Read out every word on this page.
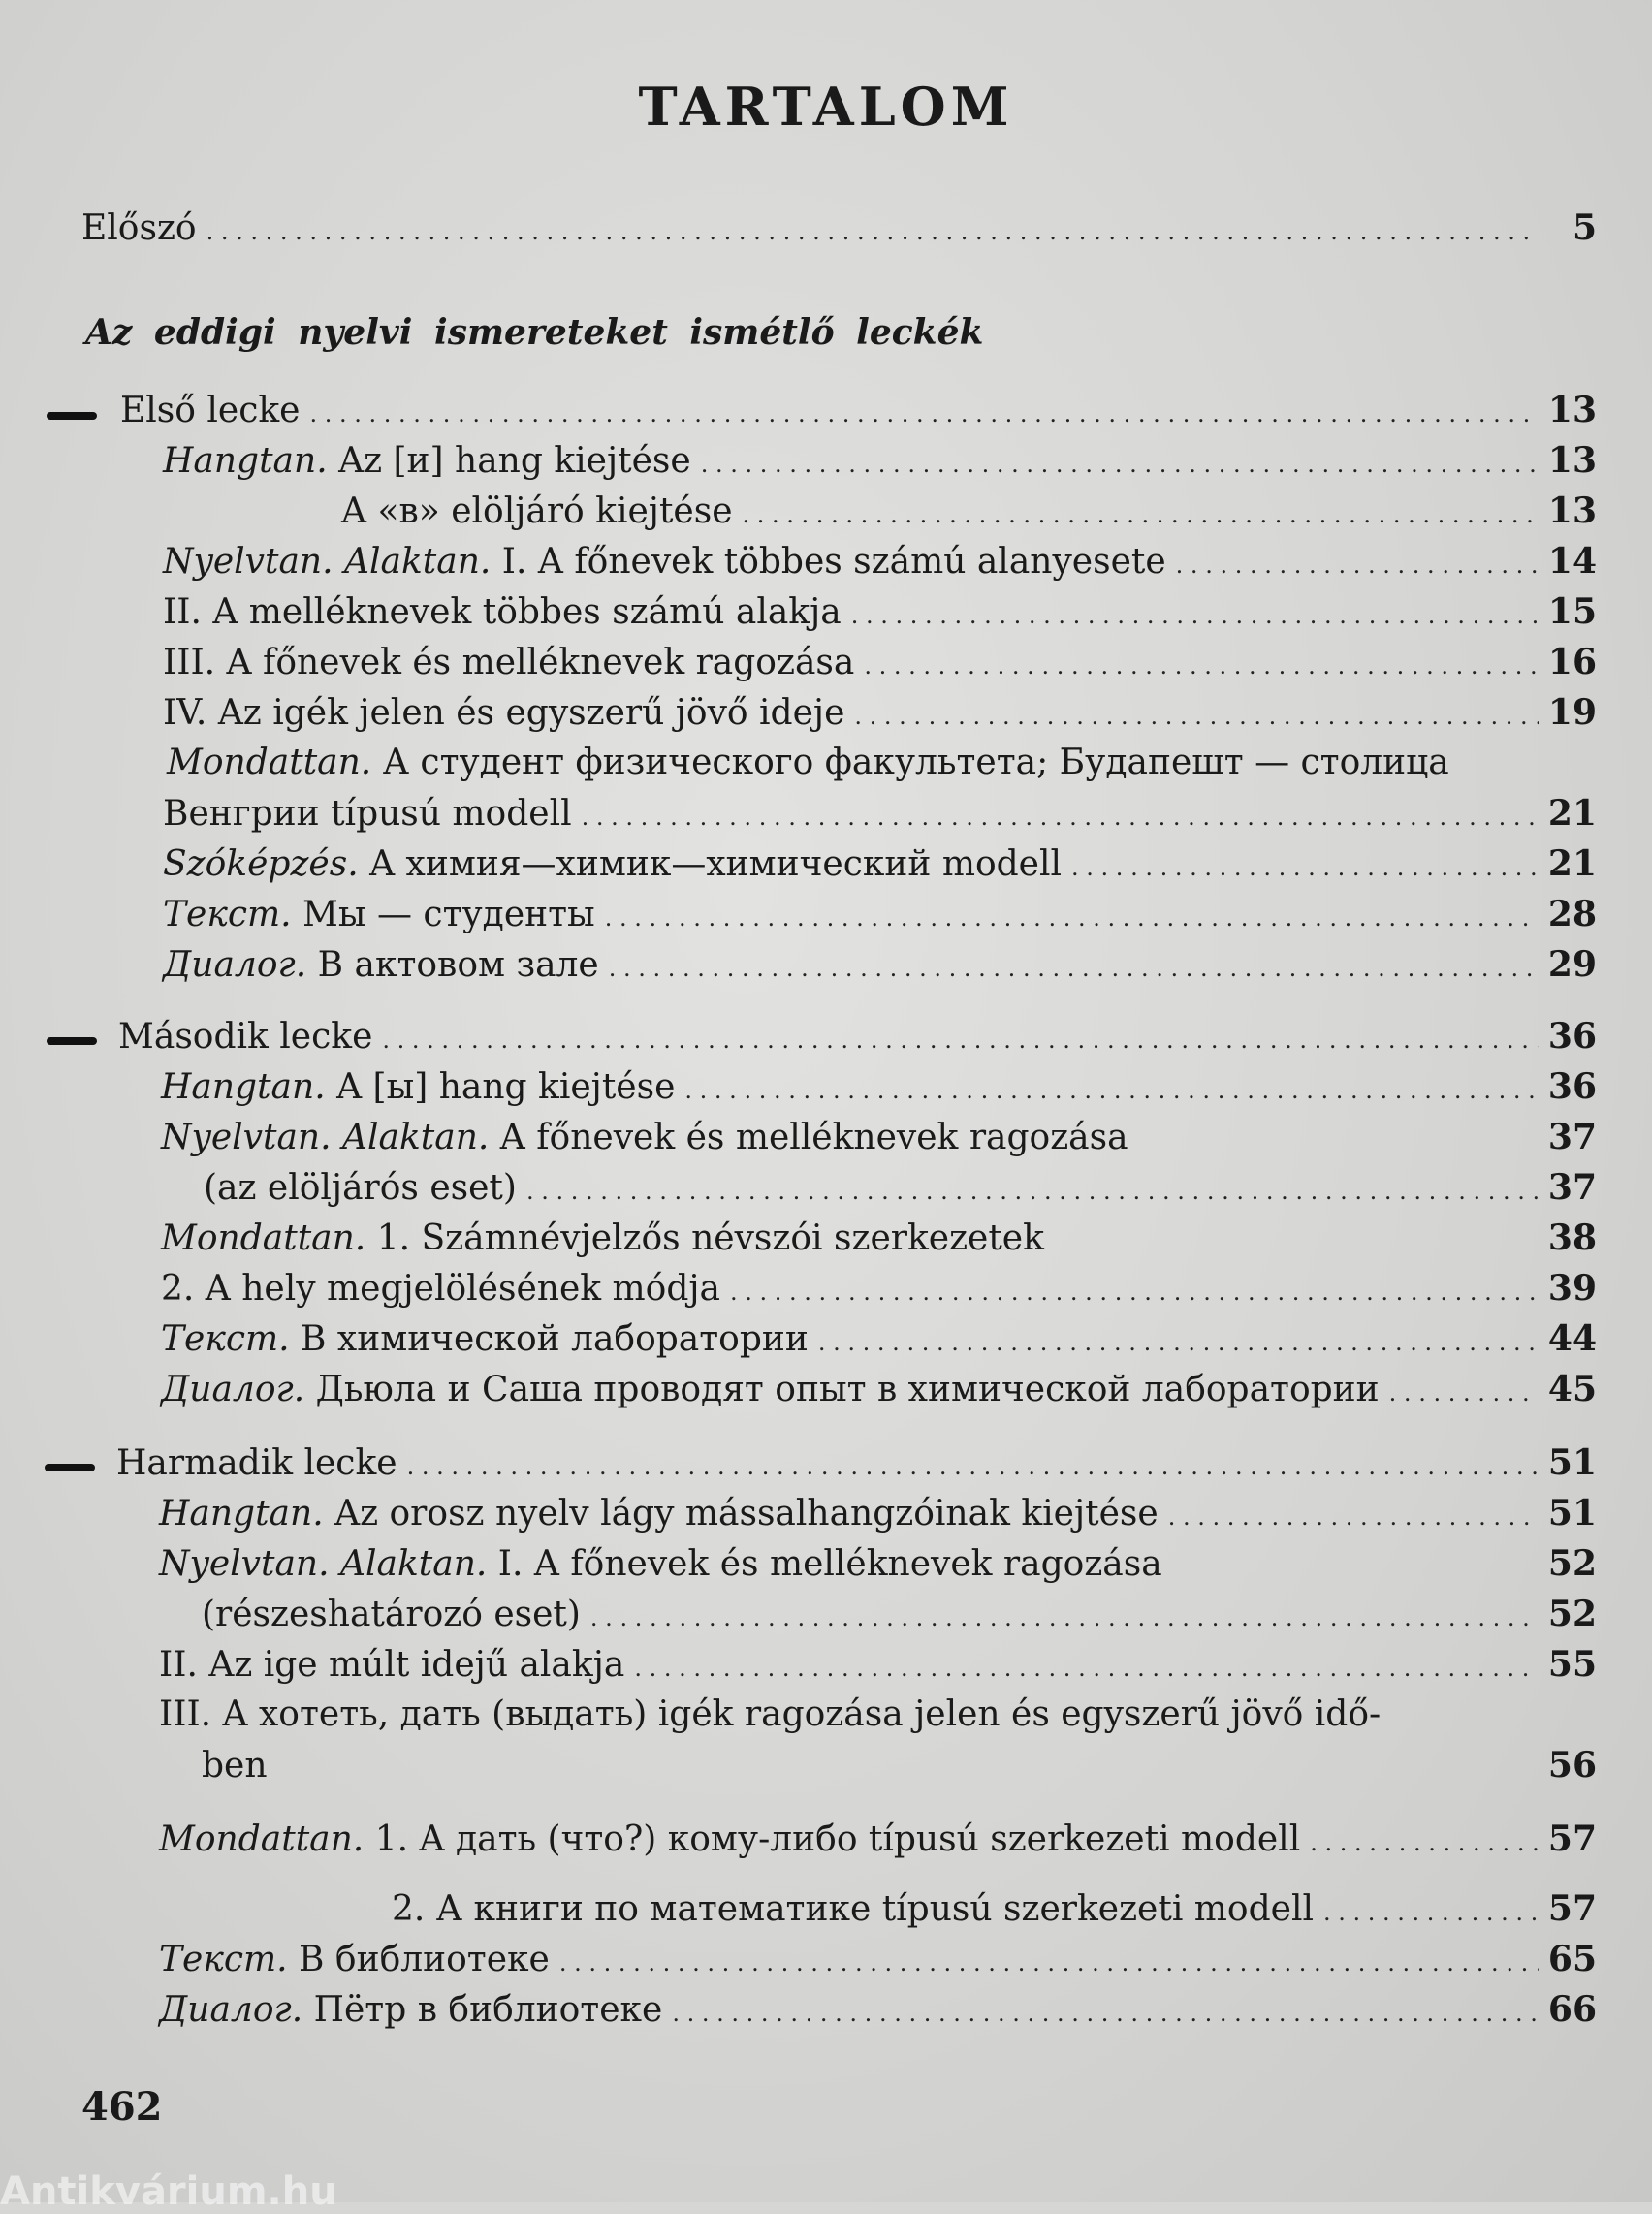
TARTALOM
Előszó . . .	5
Az eddigi nyelvi ismereteket ismétlő leckék
Első lecke . . .	13
Hangtan. Az [и] hang kiejtése . . .	13
A «в» elöljáró kiejtése . . .	13
Nyelvtan. Alaktan. I. A főnevek többes számú alanyesete . . .	14
II. A melléknevek többes számú alakja . . .	15
III. A főnevek és melléknevek ragozása . . .	16
IV. Az igék jelen és egyszerű jövő ideje . . .	19
Mondattan. А студент физического факультета; Будапешт — столица
Венгрии típusú modell . . .	21
Szóképzés. A химия—химик—химический modell . . .	21
Текст. Мы — студенты . . .	28
Диалог. В актовом зале . . .	29
Második lecke . . .	36
Hangtan. A [ы] hang kiejtése . . .	36
Nyelvtan. Alaktan. A főnevek és melléknevek ragozása	37
(az elöljárós eset) . . .	37
Mondattan. 1. Számnévjelzős névszói szerkezetek	38
2. A hely megjelölésének módja . . .	39
Текст. В химической лаборатории . . .	44
Диалог. Дьюла и Саша проводят опыт в химической лаборатории . . .	45
Harmadik lecke . . .	51
Hangtan. Az orosz nyelv lágy mássalhangzóinak kiejtése . . .	51
Nyelvtan. Alaktan. I. A főnevek és melléknevek ragozása	52
(részeshatározó eset) . . .	52
II. Az ige múlt idejű alakja . . .	55
III. A хотеть, дать (выдать) igék ragozása jelen és egyszerű jövő idő-
ben	56
Mondattan. 1. A дать (что?) кому-либо típusú szerkezeti modell . . .	57
2. А книги по математике típusú szerkezeti modell . . .	57
Текст. В библиотеке . . .	65
Диалог. Пётр в библиотеке . . .	66
462
Antikvárium.hu
